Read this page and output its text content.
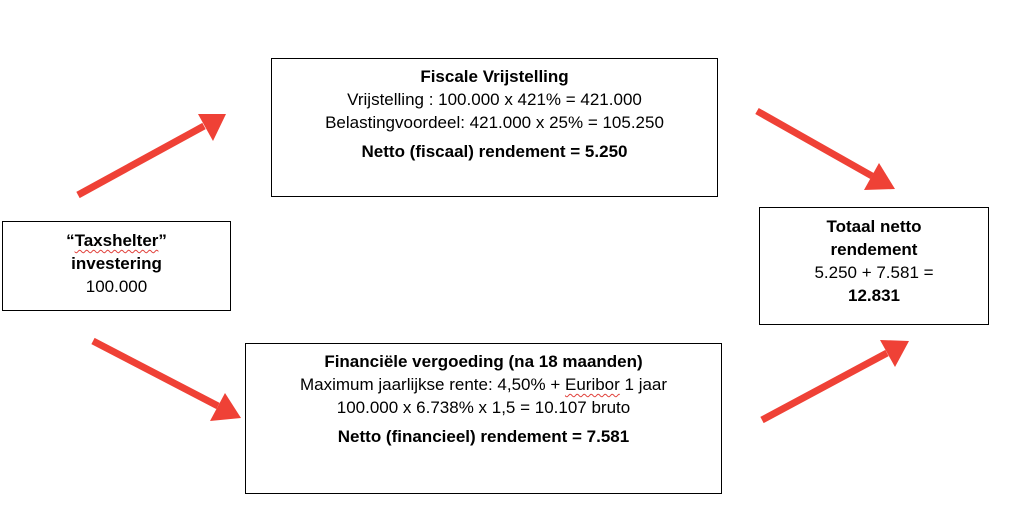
Fiscale Vrijstelling
Vrijstelling : 100.000 x 421% = 421.000
Belastingvoordeel: 421.000 x 25% = 105.250
Netto (fiscaal) rendement = 5.250
“Taxshelter”
investering
100.000
Financiële vergoeding (na 18 maanden)
Maximum jaarlijkse rente: 4,50% + Euribor 1 jaar
100.000 x 6.738% x 1,5 = 10.107 bruto
Netto (financieel) rendement = 7.581
Totaal netto
rendement
5.250 + 7.581 =
12.831
